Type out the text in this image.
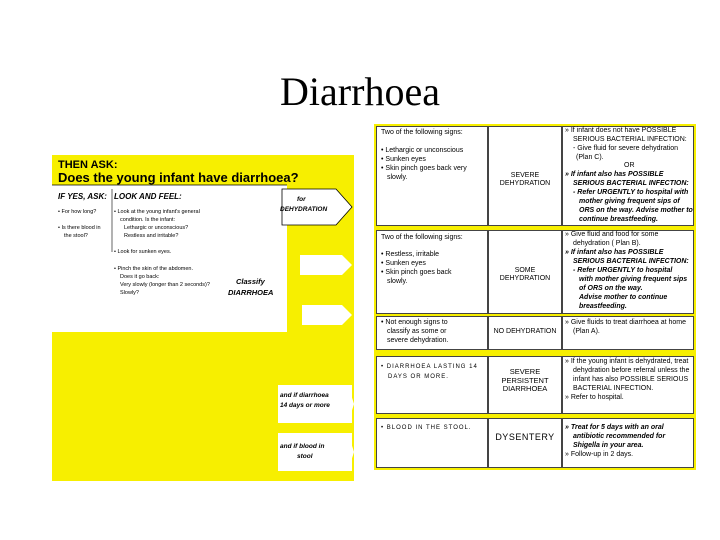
Diarrhoea
THEN ASK:
Does the young infant have diarrhoea?
IF YES, ASK: LOOK AND FEEL:
• For how long?
• Is there blood in
the stool?
• Look at the young infant's general
condition. Is the infant:
Lethargic or unconscious?
Restless and irritable?
• Look for sunken eyes.
• Pinch the skin of the abdomen.
Does it go back:
Very slowly (longer than 2 seconds)?
Slowly?
for
DEHYDRATION
Classify
DIARRHOEA
and if diarrhoea
14 days or more
and if blood in
stool
Two of the following signs:
• Lethargic or unconscious
• Sunken eyes
• Skin pinch goes back very
slowly.	SEVERE
DEHYDRATION
» If infant does not have POSSIBLE
SERIOUS BACTERIAL INFECTION:
- Give fluid for severe dehydration
(Plan C).
OR
» If infant also has POSSIBLE
SERIOUS BACTERIAL INFECTION:
- Refer URGENTLY to hospital with
mother giving frequent sips of
ORS on the way. Advise mother to
continue breastfeeding.
Two of the following signs:
• Restless, irritable
• Sunken eyes
• Skin pinch goes back
slowly.
SOME
DEHYDRATION
» Give fluid and food for some
dehydration ( Plan B).
» If infant also has POSSIBLE
SERIOUS BACTERIAL INFECTION:
- Refer URGENTLY to hospital
with mother giving frequent sips
of ORS on the way.
Advise mother to continue
breastfeeding.
• Not enough signs to
classify as some or
severe dehydration.
NO DEHYDRATION
» Give fluids to treat diarrhoea at home
(Plan A).
• DIARRHOEA LASTING 14
DAYS OR MORE.
SEVERE
PERSISTENT
DIARRHOEA
» If the young infant is dehydrated, treat
dehydration before referral unless the
infant has also POSSIBLE SERIOUS
BACTERIAL INFECTION.
» Refer to hospital.
• BLOOD IN THE STOOL.
DYSENTERY
» Treat for 5 days with an oral
antibiotic recommended for
Shigella in your area.
» Follow-up in 2 days.
